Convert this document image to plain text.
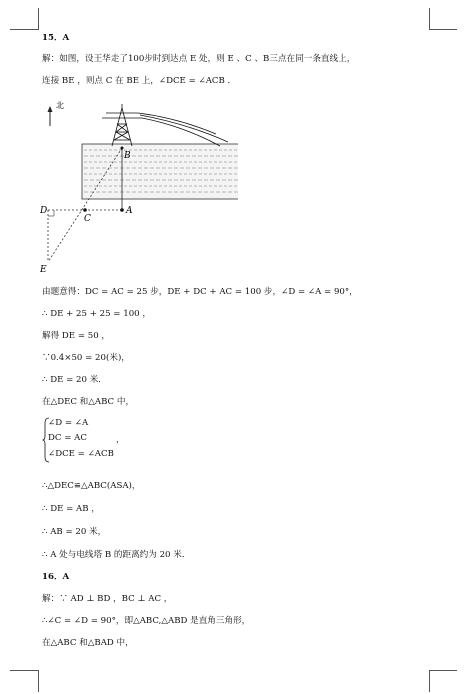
15．A
解：如图，设王华走了100步时到达点 E 处，则 E 、C 、B三点在同一条直线上，
连接 BE ，则点 C 在 BE 上，∠DCE = ∠ACB ．
北
B
A
C
D
E
由题意得：DC = AC = 25 步，DE + DC + AC = 100 步，∠D = ∠A = 90°，
∴ DE + 25 + 25 = 100 ，
解得 DE = 50 ，
∵0.4×50 = 20(米)，
∴ DE = 20 米．
在△DEC 和△ABC 中，
∠D = ∠A
DC = AC
∠DCE = ∠ACB
，
∴△DEC≌△ABC(ASA)，
∴ DE = AB ，
∴ AB = 20 米，
∴ A 处与电线塔 B 的距离约为 20 米．
16．A
解：∵ AD ⊥ BD ，BC ⊥ AC ，
∴∠C = ∠D = 90°，即△ABC,△ABD 是直角三角形，
在△ABC 和△BAD 中，
